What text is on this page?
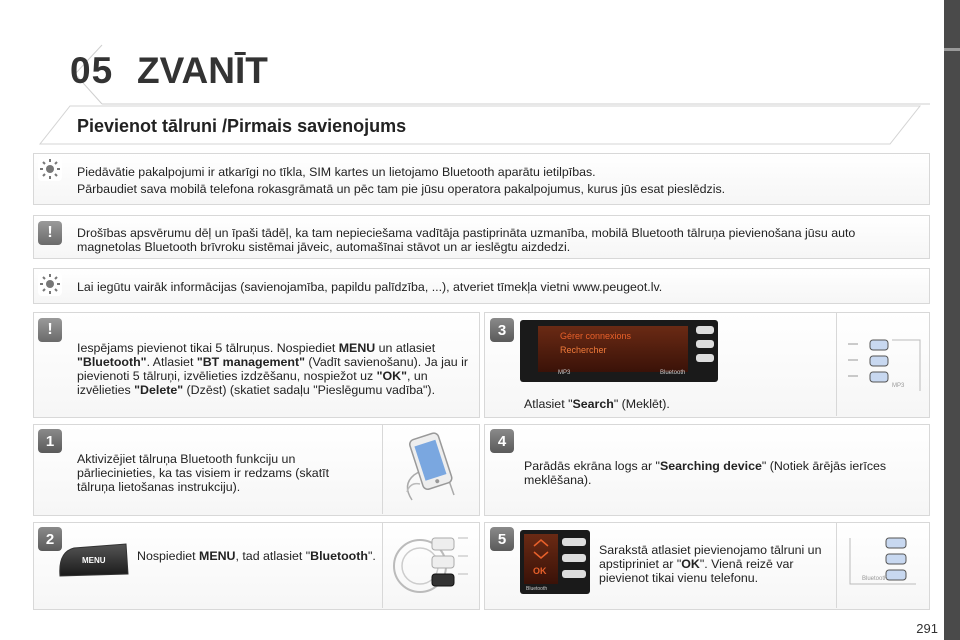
05 ZVANĪT
Pievienot tālruni /Pirmais savienojums
Piedāvātie pakalpojumi ir atkarīgi no tīkla, SIM kartes un lietojamo Bluetooth aparātu ietilpības.
Pārbaudiet sava mobilā telefona rokasgrāmatā un pēc tam pie jūsu operatora pakalpojumus, kurus jūs esat pieslēdzis.
!	Drošības apsvērumu dēļ un īpaši tādēļ, ka tam nepieciešama vadītāja pastiprināta uzmanība, mobilā Bluetooth tālruņa pievienošana jūsu auto magnetolas Bluetooth brīvroku sistēmai jāveic, automašīnai stāvot un ar ieslēgtu aizdedzi.
Lai iegūtu vairāk informācijas (savienojamība, papildu palīdzība, ...), atveriet tīmekļa vietni www.peugeot.lv.
!
Iespējams pievienot tikai 5 tālruņus. Nospiediet MENU un atlasiet "Bluetooth". Atlasiet "BT management" (Vadīt savienošanu). Ja jau ir pievienoti 5 tālruņi, izvēlieties izdzēšanu, nospiežot uz "OK", un izvēlieties "Delete" (Dzēst) (skatiet sadaļu "Pieslēgumu vadība").
1
Aktivizējiet tālruņa Bluetooth funkciju un pārliecinieties, ka tas visiem ir redzams (skatīt tālruņa lietošanas instrukciju).
2
MENU	Nospiediet MENU, tad atlasiet "Bluetooth".
3	Gérer connexions
Rechercher
MP3	Bluetooth
Atlasiet "Search" (Meklēt).
MP3
4
Parādās ekrāna logs ar "Searching device" (Notiek ārējās ierīces meklēšana).
5
OK
Bluetooth
Sarakstā atlasiet pievienojamo tālruni un apstipriniet ar "OK". Vienā reizē var pievienot tikai vienu telefonu.	Bluetooth
291
